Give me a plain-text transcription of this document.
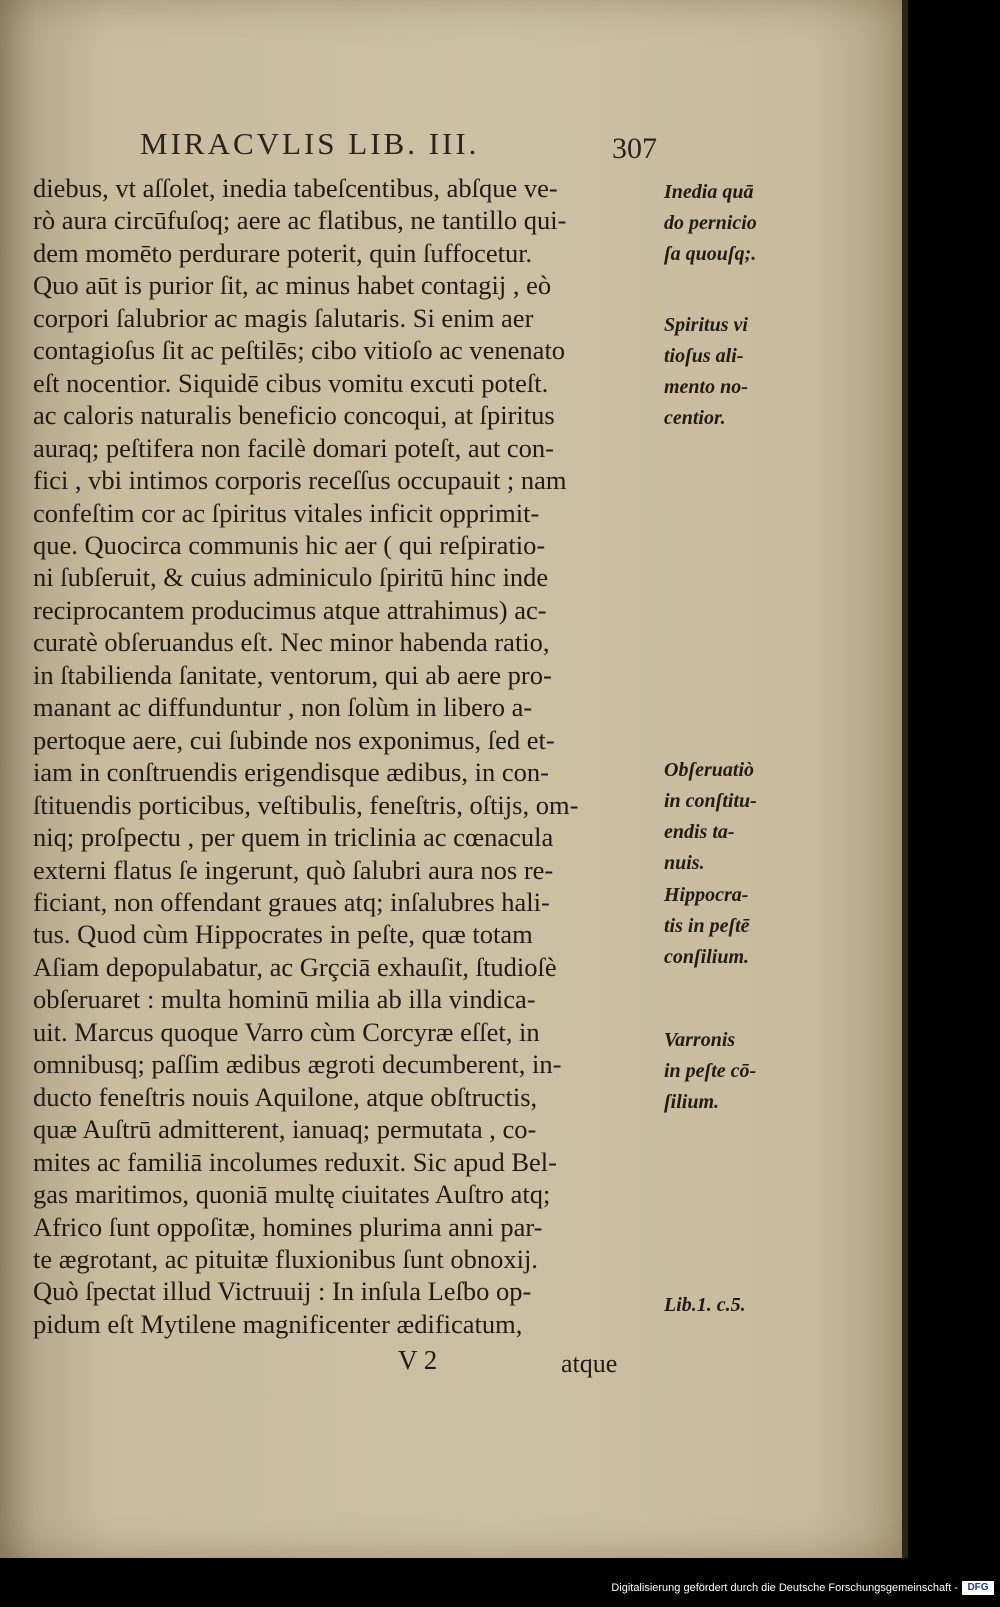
MIRACVLIS LIB. III.	307
diebus, vt aſſolet, inedia tabeſcentibus, abſque ve-
rò aura circūfuſoq; aere ac flatibus, ne tantillo qui-
dem momēto perdurare poterit, quin ſuffocetur.
Quo aūt is purior ſit, ac minus habet contagij , eò
corpori ſalubrior ac magis ſalutaris. Si enim aer
contagioſus ſit ac peſtilēs; cibo vitioſo ac venenato
eſt nocentior. Siquidē cibus vomitu excuti poteſt.
ac caloris naturalis beneficio concoqui, at ſpiritus
auraq; peſtifera non facilè domari poteſt, aut con-
fici , vbi intimos corporis receſſus occupauit ; nam
confeſtim cor ac ſpiritus vitales inficit opprimit-
que. Quocirca communis hic aer ( qui reſpiratio-
ni ſubſeruit, & cuius adminiculo ſpiritū hinc inde
reciprocantem producimus atque attrahimus) ac-
curatè obſeruandus eſt. Nec minor habenda ratio,
in ſtabilienda ſanitate, ventorum, qui ab aere pro-
manant ac diffunduntur , non ſolùm in libero a-
pertoque aere, cui ſubinde nos exponimus, ſed et-
iam in conſtruendis erigendisque ædibus, in con-
ſtituendis porticibus, veſtibulis, feneſtris, oſtijs, om-
niq; proſpectu , per quem in triclinia ac cœnacula
externi flatus ſe ingerunt, quò ſalubri aura nos re-
ficiant, non offendant graues atq; inſalubres hali-
tus. Quod cùm Hippocrates in peſte, quæ totam
Aſiam depopulabatur, ac Grçciā exhauſit, ſtudioſè
obſeruaret : multa hominū milia ab illa vindica-
uit. Marcus quoque Varro cùm Corcyræ eſſet, in
omnibusq; paſſim ædibus ægroti decumberent, in-
ducto feneſtris nouis Aquilone, atque obſtructis,
quæ Auſtrū admitterent, ianuaq; permutata , co-
mites ac familiā incolumes reduxit. Sic apud Bel-
gas maritimos, quoniā multę ciuitates Auſtro atq;
Africo ſunt oppoſitæ, homines plurima anni par-
te ægrotant, ac pituitæ fluxionibus ſunt obnoxij.
Quò ſpectat illud Victruuij : In inſula Leſbo op-
pidum eſt Mytilene magnificenter ædificatum,
Inedia quā
do pernicio
ſa quouſq;.
Spiritus vi
tioſus ali-
mento no-
centior.
Obſeruatiò
in conſtitu-
endis ta-
nuis.
Hippocra-
tis in peſtē
conſilium.
Varronis
in peſte cō-
ſilium.
Lib.1. c.5.
V 2	atque
Digitalisierung gefördert durch die Deutsche Forschungsgemeinschaft - DFG
